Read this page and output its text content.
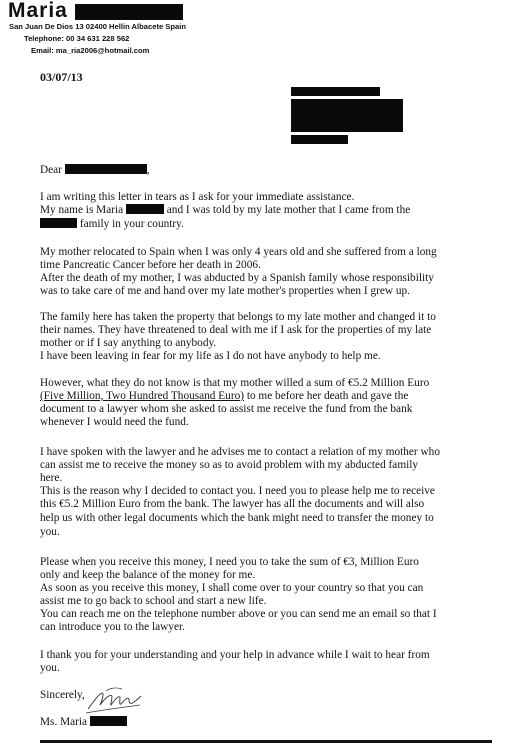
Maria
San Juan De Dios 13 02400 Hellin Albacete Spain
Telephone: 00 34 631 228 562
Email: ma_ria2006@hotmail.com
03/07/13
Dear	,
I am writing this letter in tears as I ask for your immediate assistance.
My name is Maria	and I was told by my late mother that I came from the
family in your country.
My mother relocated to Spain when I was only 4 years old and she suffered from a long
time Pancreatic Cancer before her death in 2006.
After the death of my mother, I was abducted by a Spanish family whose responsibility
was to take care of me and hand over my late mother's properties when I grew up.
The family here has taken the property that belongs to my late mother and changed it to
their names. They have threatened to deal with me if I ask for the properties of my late
mother or if I say anything to anybody.
I have been leaving in fear for my life as I do not have anybody to help me.
However, what they do not know is that my mother willed a sum of €5.2 Million Euro
(Five Million, Two Hundred Thousand Euro) to me before her death and gave the
document to a lawyer whom she asked to assist me receive the fund from the bank
whenever I would need the fund.
I have spoken with the lawyer and he advises me to contact a relation of my mother who
can assist me to receive the money so as to avoid problem with my abducted family
here.
This is the reason why I decided to contact you. I need you to please help me to receive
this €5.2 Million Euro from the bank. The lawyer has all the documents and will also
help us with other legal documents which the bank might need to transfer the money to
you.
Please when you receive this money, I need you to take the sum of €3, Million Euro
only and keep the balance of the money for me.
As soon as you receive this money, I shall come over to your country so that you can
assist me to go back to school and start a new life.
You can reach me on the telephone number above or you can send me an email so that I
can introduce you to the lawyer.
I thank you for your understanding and your help in advance while I wait to hear from
you.
Sincerely,
Ms. Maria
